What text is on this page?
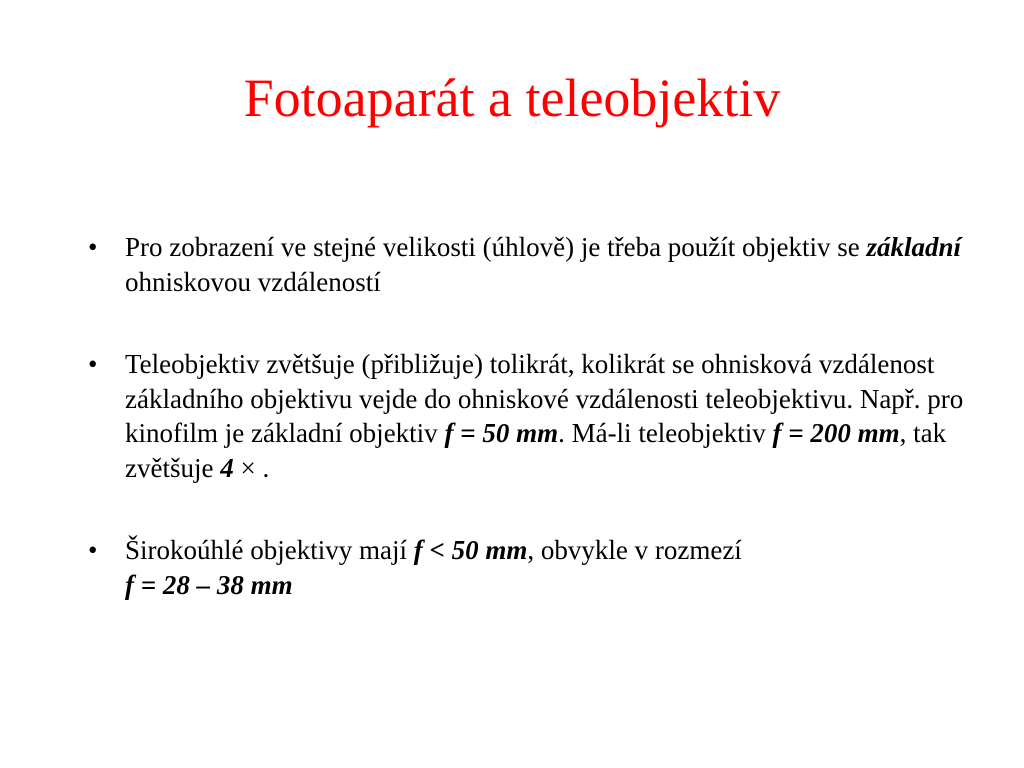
Fotoaparát a teleobjektiv
• Pro zobrazení ve stejné velikosti (úhlově) je třeba použít objektiv se základní ohniskovou vzdáleností
• Teleobjektiv zvětšuje (přibližuje) tolikrát, kolikrát se ohnisková vzdálenost základního objektivu vejde do ohniskové vzdálenosti teleobjektivu. Např. pro kinofilm je základní objektiv f = 50 mm. Má-li teleobjektiv f = 200 mm, tak zvětšuje 4 × .
• Širokoúhlé objektivy mají f < 50 mm, obvykle v rozmezí
f = 28 – 38 mm
